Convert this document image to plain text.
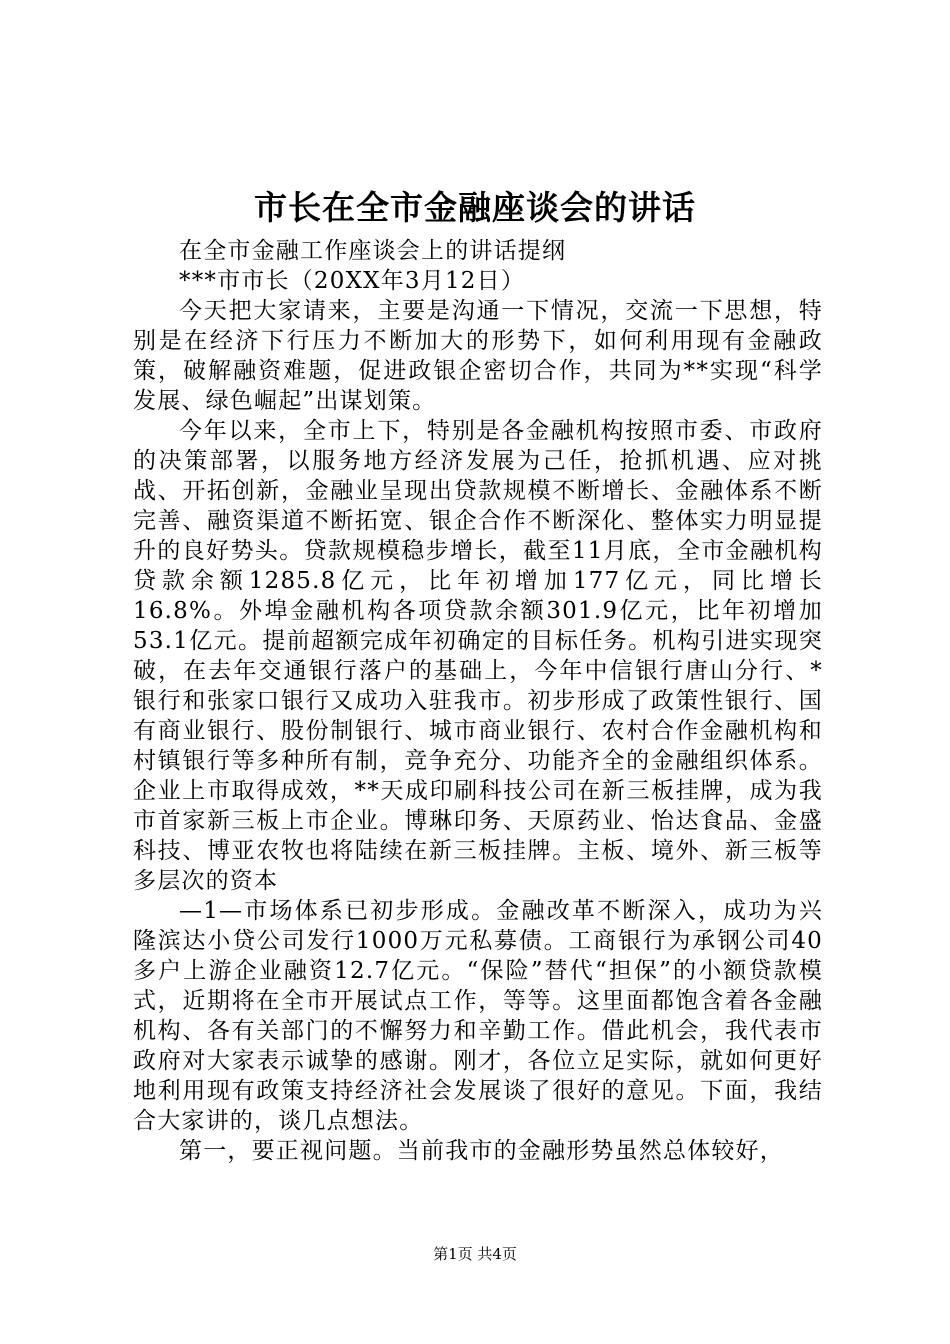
市长在全市金融座谈会的讲话

在全市金融工作座谈会上的讲话提纲

***市市长（20XX年3月12日）

今天把大家请来，主要是沟通一下情况，交流一下思想，特别是在经济下行压力不断加大的形势下，如何利用现有金融政策，破解融资难题，促进政银企密切合作，共同为**实现“科学发展、绿色崛起”出谋划策。

今年以来，全市上下，特别是各金融机构按照市委、市政府的决策部署，以服务地方经济发展为己任，抢抓机遇、应对挑战、开拓创新，金融业呈现出贷款规模不断增长、金融体系不断完善、融资渠道不断拓宽、银企合作不断深化、整体实力明显提升的良好势头。贷款规模稳步增长，截至11月底，全市金融机构贷款余额1285.8亿元，比年初增加177亿元，同比增长16.8%。外埠金融机构各项贷款余额301.9亿元，比年初增加53.1亿元。提前超额完成年初确定的目标任务。机构引进实现突破，在去年交通银行落户的基础上，今年中信银行唐山分行、*银行和张家口银行又成功入驻我市。初步形成了政策性银行、国有商业银行、股份制银行、城市商业银行、农村合作金融机构和村镇银行等多种所有制，竞争充分、功能齐全的金融组织体系。企业上市取得成效，**天成印刷科技公司在新三板挂牌，成为我市首家新三板上市企业。博琳印务、天原药业、怡达食品、金盛科技、博亚农牧也将陆续在新三板挂牌。主板、境外、新三板等多层次的资本

—1—市场体系已初步形成。金融改革不断深入，成功为兴隆滨达小贷公司发行1000万元私募债。工商银行为承钢公司40多户上游企业融资12.7亿元。“保险”替代“担保”的小额贷款模式，近期将在全市开展试点工作，等等。这里面都饱含着各金融机构、各有关部门的不懈努力和辛勤工作。借此机会，我代表市政府对大家表示诚挚的感谢。刚才，各位立足实际，就如何更好地利用现有政策支持经济社会发展谈了很好的意见。下面，我结合大家讲的，谈几点想法。

第一，要正视问题。当前我市的金融形势虽然总体较好，

第1页 共4页
